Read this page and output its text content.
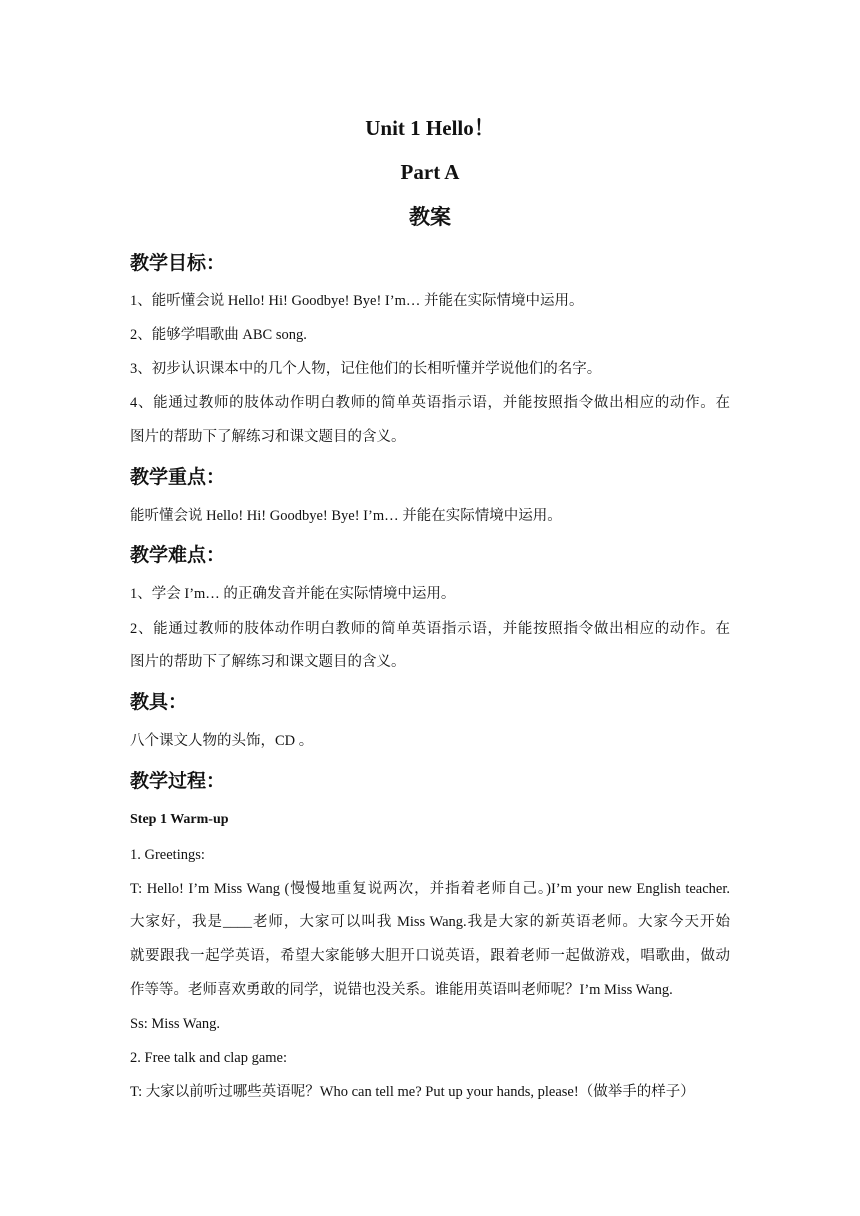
Unit 1 Hello！
Part A
教案
教学目标：
1、能听懂会说 Hello! Hi! Goodbye! Bye! I’m… 并能在实际情境中运用。
2、能够学唱歌曲 ABC song.
3、初步认识课本中的几个人物，记住他们的长相听懂并学说他们的名字。
4、能通过教师的肢体动作明白教师的简单英语指示语，并能按照指令做出相应的动作。在
图片的帮助下了解练习和课文题目的含义。
教学重点：
能听懂会说 Hello! Hi! Goodbye! Bye! I’m… 并能在实际情境中运用。
教学难点：
1、学会 I’m… 的正确发音并能在实际情境中运用。
2、能通过教师的肢体动作明白教师的简单英语指示语，并能按照指令做出相应的动作。在
图片的帮助下了解练习和课文题目的含义。
教具：
八个课文人物的头饰，CD 。
教学过程：
Step 1 Warm-up
1. Greetings:
T: Hello! I’m Miss Wang (慢慢地重复说两次，并指着老师自己。)I’m your new English teacher.
大家好，我是____老师，大家可以叫我 Miss Wang.我是大家的新英语老师。大家今天开始
就要跟我一起学英语，希望大家能够大胆开口说英语，跟着老师一起做游戏，唱歌曲，做动
作等等。老师喜欢勇敢的同学，说错也没关系。谁能用英语叫老师呢？I’m Miss Wang.
Ss: Miss Wang.
2. Free talk and clap game:
T: 大家以前听过哪些英语呢？Who can tell me? Put up your hands, please!（做举手的样子）
